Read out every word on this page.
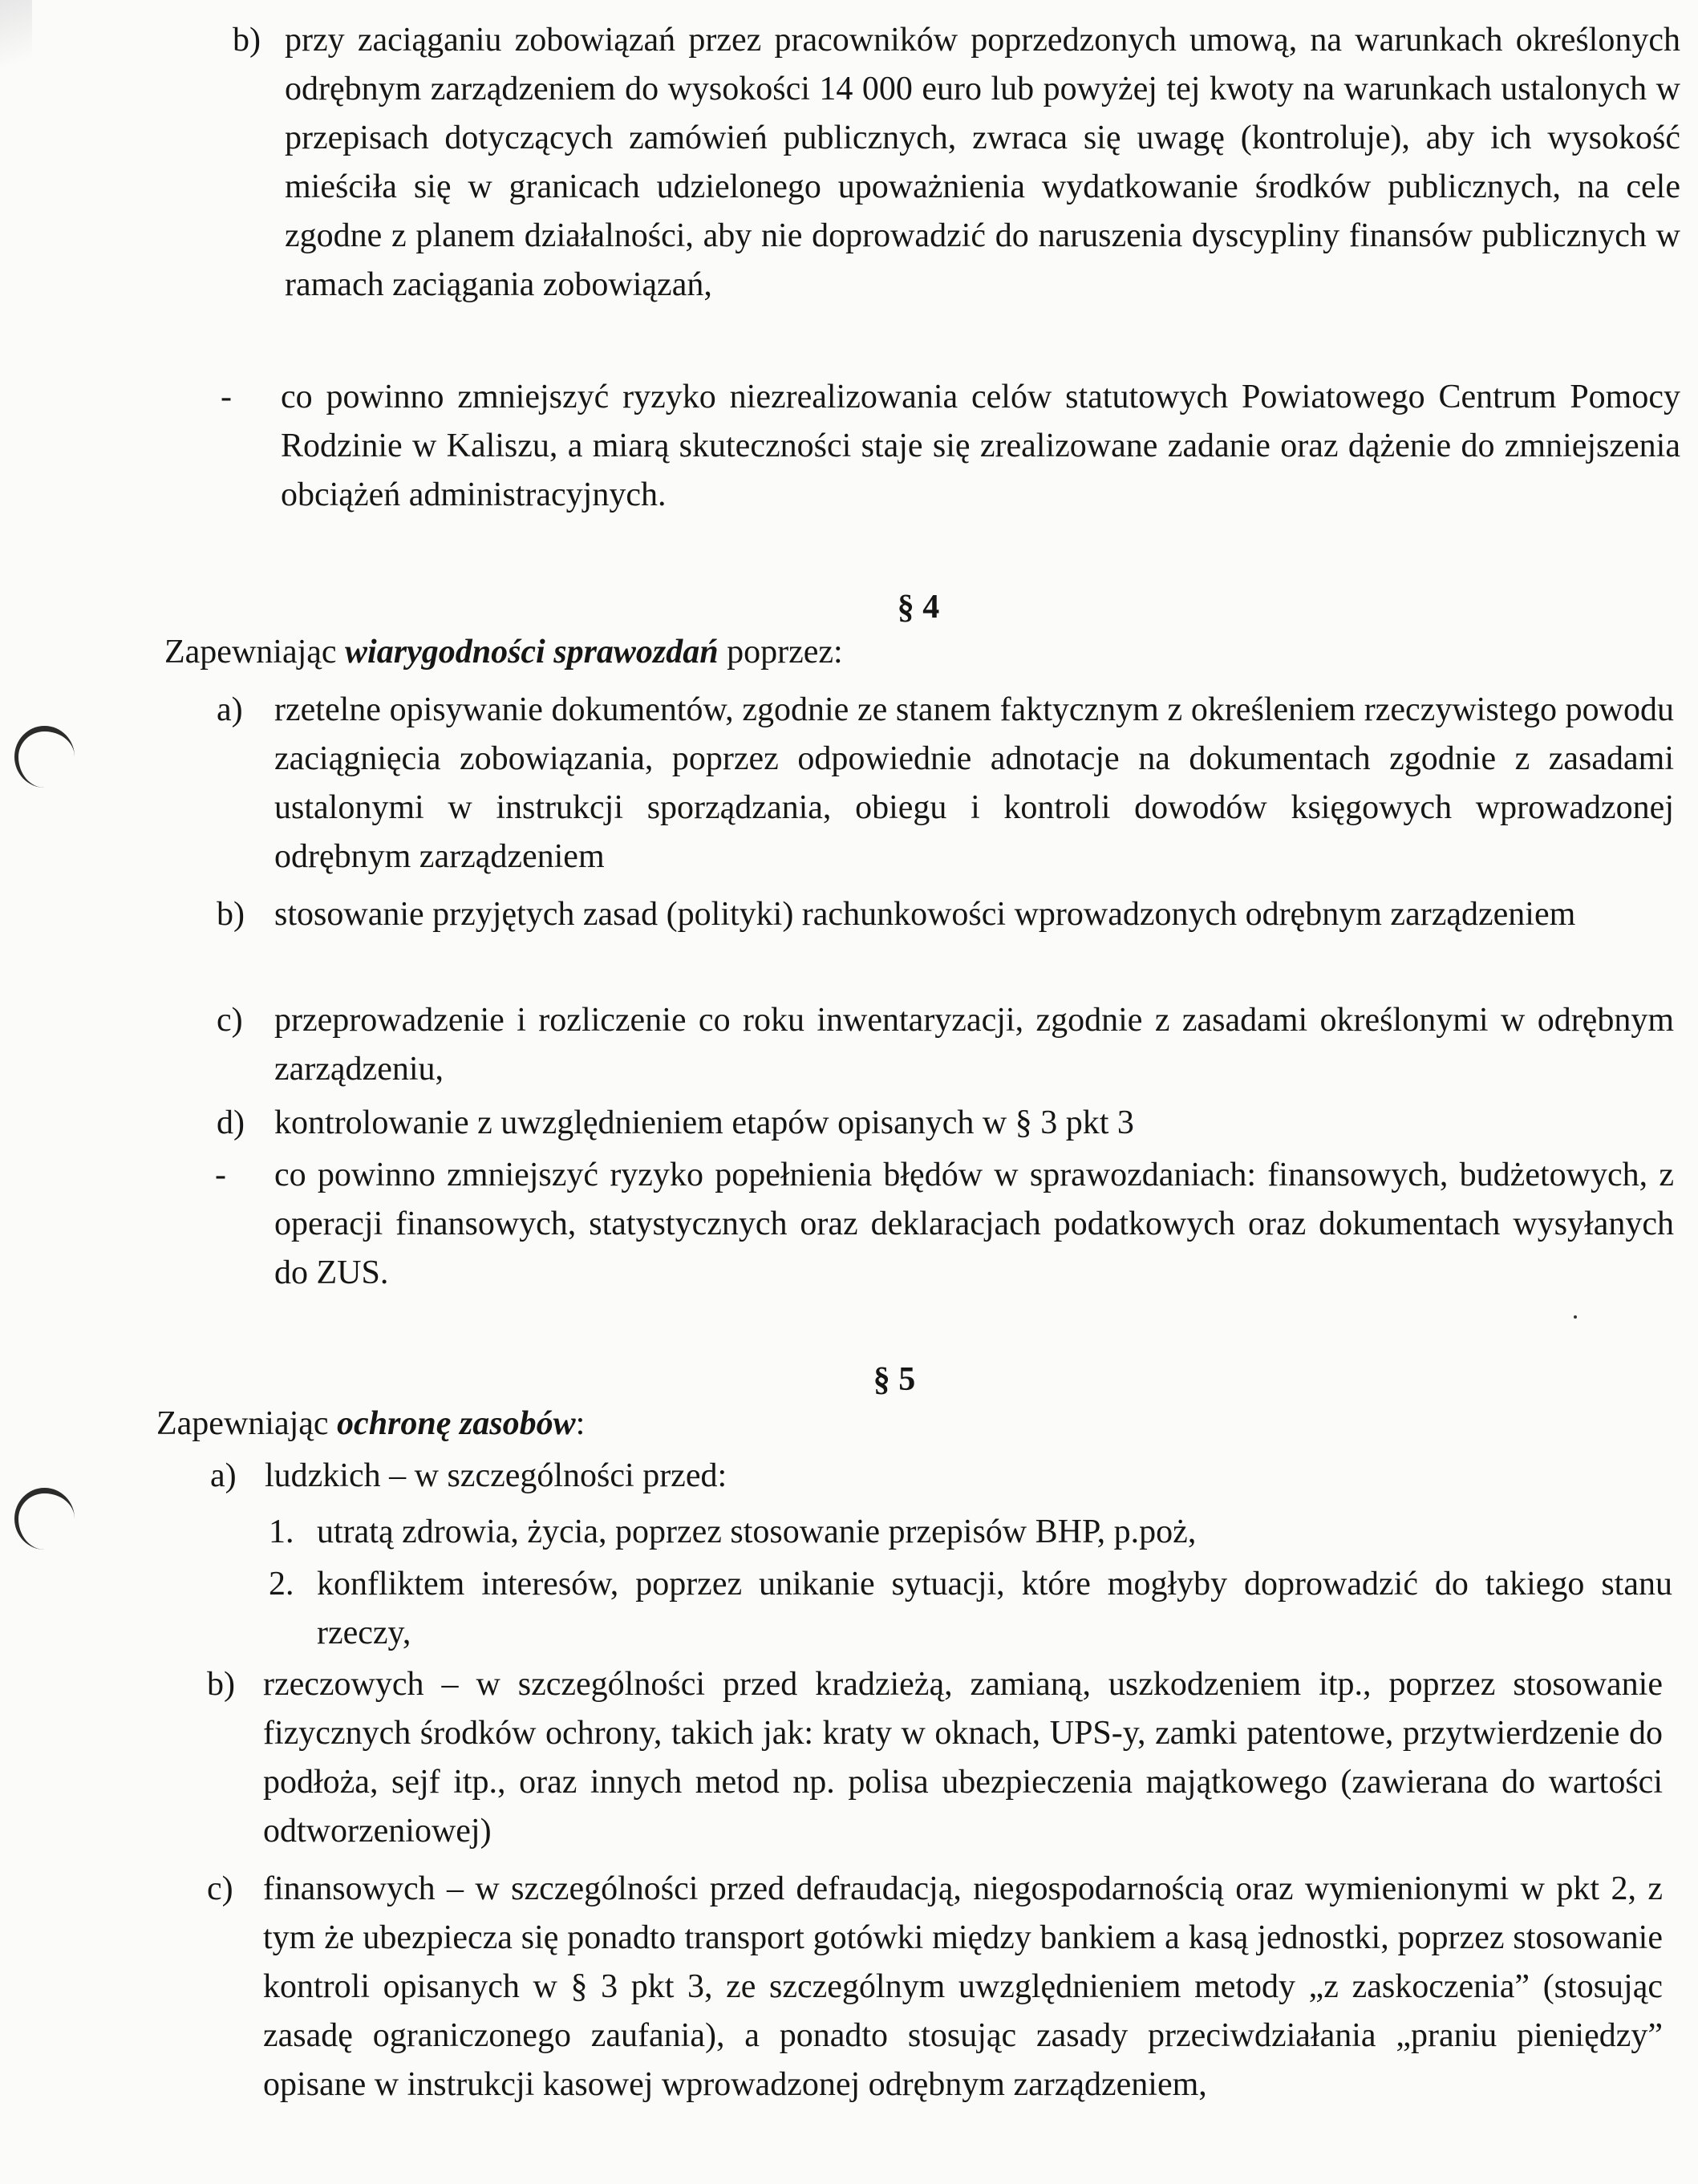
b) przy zaciąganiu zobowiązań przez pracowników poprzedzonych umową, na warunkach określonych odrębnym zarządzeniem do wysokości 14 000 euro lub powyżej tej kwoty na warunkach ustalonych w przepisach dotyczących zamówień publicznych, zwraca się uwagę (kontroluje), aby ich wysokość mieściła się w granicach udzielonego upoważnienia wydatkowanie środków publicznych, na cele zgodne z planem działalności, aby nie doprowadzić do naruszenia dyscypliny finansów publicznych w ramach zaciągania zobowiązań,
- co powinno zmniejszyć ryzyko niezrealizowania celów statutowych Powiatowego Centrum Pomocy Rodzinie w Kaliszu, a miarą skuteczności staje się zrealizowane zadanie oraz dążenie do zmniejszenia obciążeń administracyjnych.
§ 4
Zapewniając wiarygodności sprawozdań poprzez:
a) rzetelne opisywanie dokumentów, zgodnie ze stanem faktycznym z określeniem rzeczywistego powodu zaciągnięcia zobowiązania, poprzez odpowiednie adnotacje na dokumentach zgodnie z zasadami ustalonymi w instrukcji sporządzania, obiegu i kontroli dowodów księgowych wprowadzonej odrębnym zarządzeniem
b) stosowanie przyjętych zasad (polityki) rachunkowości wprowadzonych odrębnym zarządzeniem
c) przeprowadzenie i rozliczenie co roku inwentaryzacji, zgodnie z zasadami określonymi w odrębnym zarządzeniu,
d) kontrolowanie z uwzględnieniem etapów opisanych w § 3 pkt 3
- co powinno zmniejszyć ryzyko popełnienia błędów w sprawozdaniach: finansowych, budżetowych, z operacji finansowych, statystycznych oraz deklaracjach podatkowych oraz dokumentach wysyłanych do ZUS.
§ 5
Zapewniając ochronę zasobów:
a) ludzkich – w szczególności przed:
1. utratą zdrowia, życia, poprzez stosowanie przepisów BHP, p.poż,
2. konfliktem interesów, poprzez unikanie sytuacji, które mogłyby doprowadzić do takiego stanu rzeczy,
b) rzeczowych – w szczególności przed kradzieżą, zamianą, uszkodzeniem itp., poprzez stosowanie fizycznych środków ochrony, takich jak: kraty w oknach, UPS-y, zamki patentowe, przytwierdzenie do podłoża, sejf itp., oraz innych metod np. polisa ubezpieczenia majątkowego (zawierana do wartości odtworzeniowej)
c) finansowych – w szczególności przed defraudacją, niegospodarnością oraz wymienionymi w pkt 2, z tym że ubezpiecza się ponadto transport gotówki między bankiem a kasą jednostki, poprzez stosowanie kontroli opisanych w § 3 pkt 3, ze szczególnym uwzględnieniem metody „z zaskoczenia” (stosując zasadę ograniczonego zaufania), a ponadto stosując zasady przeciwdziałania „praniu pieniędzy” opisane w instrukcji kasowej wprowadzonej odrębnym zarządzeniem,
